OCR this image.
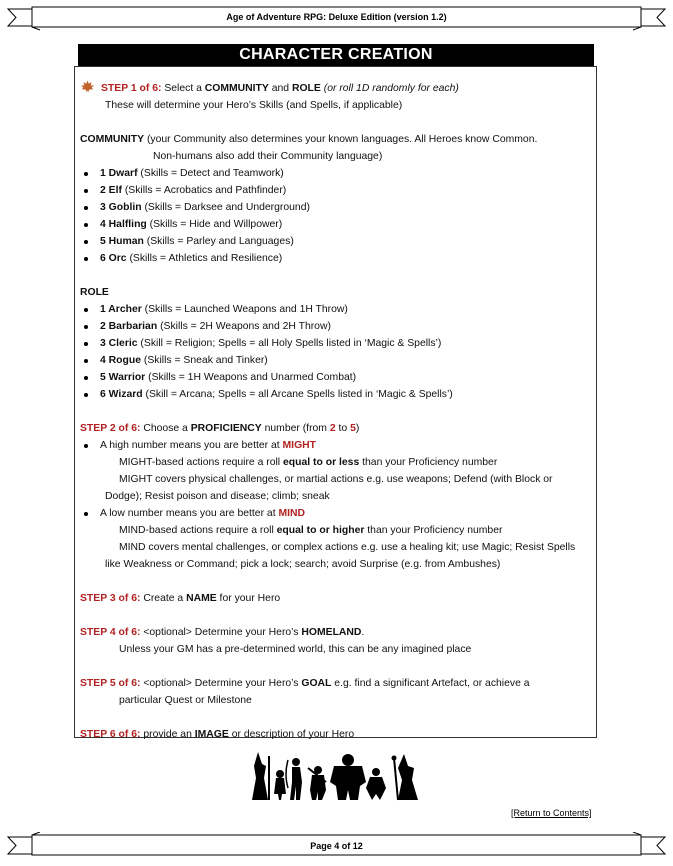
Age of Adventure RPG: Deluxe Edition (version 1.2)
CHARACTER CREATION

STEP 1 of 6: Select a COMMUNITY and ROLE (or roll 1D randomly for each)

These will determine your Hero’s Skills (and Spells, if applicable)

COMMUNITY (your Community also determines your known languages. All Heroes know Common.

Non-humans also add their Community language)

1 Dwarf (Skills = Detect and Teamwork)
2 Elf (Skills = Acrobatics and Pathfinder)
3 Goblin (Skills = Darksee and Underground)
4 Halfling (Skills = Hide and Willpower)
5 Human (Skills = Parley and Languages)
6 Orc (Skills = Athletics and Resilience)

ROLE

1 Archer (Skills = Launched Weapons and 1H Throw)
2 Barbarian (Skills = 2H Weapons and 2H Throw)
3 Cleric (Skill = Religion; Spells = all Holy Spells listed in ‘Magic & Spells’)
4 Rogue (Skills = Sneak and Tinker)
5 Warrior (Skills = 1H Weapons and Unarmed Combat)
6 Wizard (Skill = Arcana; Spells = all Arcane Spells listed in ‘Magic & Spells’)

STEP 2 of 6: Choose a PROFICIENCY number (from 2 to 5)

A high number means you are better at MIGHT

MIGHT-based actions require a roll equal to or less than your Proficiency number

MIGHT covers physical challenges, or martial actions e.g. use weapons; Defend (with Block or

Dodge); Resist poison and disease; climb; sneak

A low number means you are better at MIND

MIND-based actions require a roll equal to or higher than your Proficiency number

MIND covers mental challenges, or complex actions e.g. use a healing kit; use Magic; Resist Spells

like Weakness or Command; pick a lock; search; avoid Surprise (e.g. from Ambushes)

STEP 3 of 6: Create a NAME for your Hero

STEP 4 of 6: <optional> Determine your Hero’s HOMELAND.

Unless your GM has a pre-determined world, this can be any imagined place

STEP 5 of 6: <optional> Determine your Hero’s GOAL e.g. find a significant Artefact, or achieve a

particular Quest or Milestone

STEP 6 of 6: provide an IMAGE or description of your Hero

[Return to Contents]
Page 4 of 12
